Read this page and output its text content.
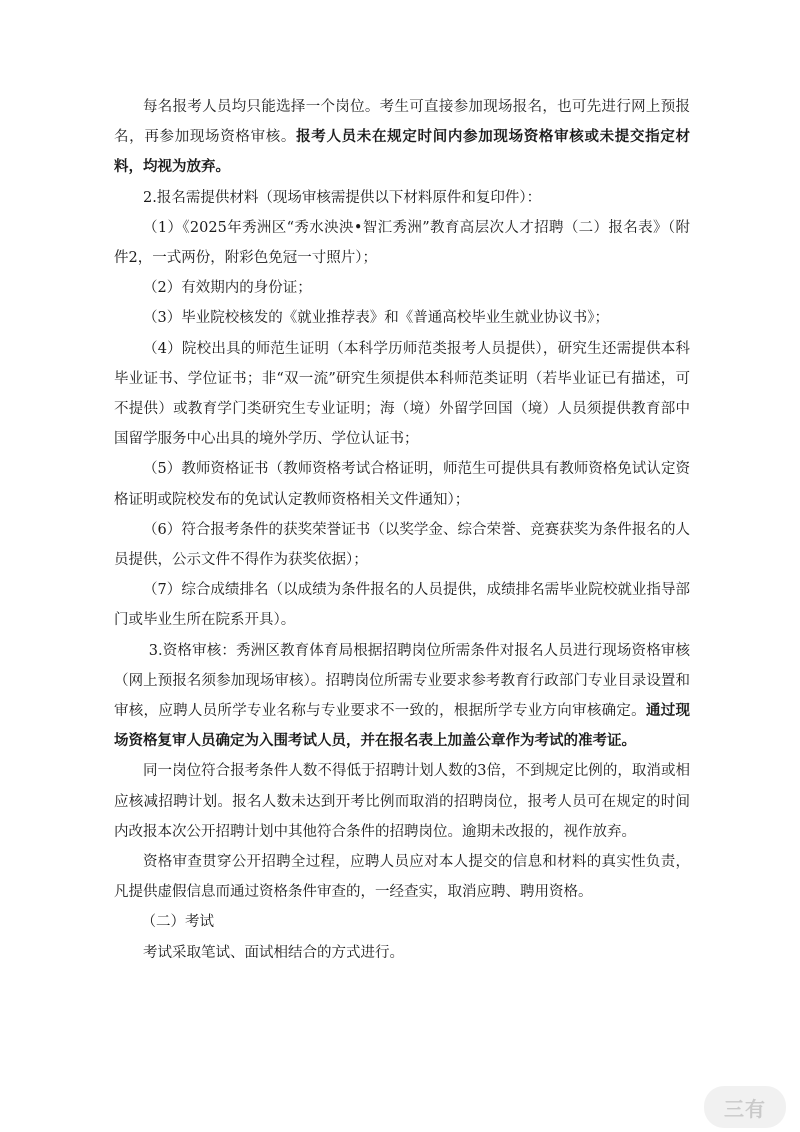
每名报考人员均只能选择一个岗位。考生可直接参加现场报名，也可先进行网上预报名，再参加现场资格审核。报考人员未在规定时间内参加现场资格审核或未提交指定材料，均视为放弃。

2.报名需提供材料（现场审核需提供以下材料原件和复印件）：

（1）《2025年秀洲区“秀水泱泱•智汇秀洲”教育高层次人才招聘（二）报名表》（附件2，一式两份，附彩色免冠一寸照片）；

（2）有效期内的身份证；

（3）毕业院校核发的《就业推荐表》和《普通高校毕业生就业协议书》；

（4）院校出具的师范生证明（本科学历师范类报考人员提供），研究生还需提供本科毕业证书、学位证书；非“双一流”研究生须提供本科师范类证明（若毕业证已有描述，可不提供）或教育学门类研究生专业证明；海（境）外留学回国（境）人员须提供教育部中国留学服务中心出具的境外学历、学位认证书；

（5）教师资格证书（教师资格考试合格证明，师范生可提供具有教师资格免试认定资格证明或院校发布的免试认定教师资格相关文件通知）；

（6）符合报考条件的获奖荣誉证书（以奖学金、综合荣誉、竞赛获奖为条件报名的人员提供，公示文件不得作为获奖依据）；

（7）综合成绩排名（以成绩为条件报名的人员提供，成绩排名需毕业院校就业指导部门或毕业生所在院系开具）。

3.资格审核：秀洲区教育体育局根据招聘岗位所需条件对报名人员进行现场资格审核（网上预报名须参加现场审核）。招聘岗位所需专业要求参考教育行政部门专业目录设置和审核，应聘人员所学专业名称与专业要求不一致的，根据所学专业方向审核确定。通过现场资格复审人员确定为入围考试人员，并在报名表上加盖公章作为考试的准考证。

同一岗位符合报考条件人数不得低于招聘计划人数的3倍，不到规定比例的，取消或相应核减招聘计划。报名人数未达到开考比例而取消的招聘岗位，报考人员可在规定的时间内改报本次公开招聘计划中其他符合条件的招聘岗位。逾期未改报的，视作放弃。

资格审查贯穿公开招聘全过程，应聘人员应对本人提交的信息和材料的真实性负责，凡提供虚假信息而通过资格条件审查的，一经查实，取消应聘、聘用资格。

（二）考试

考试采取笔试、面试相结合的方式进行。

三有
